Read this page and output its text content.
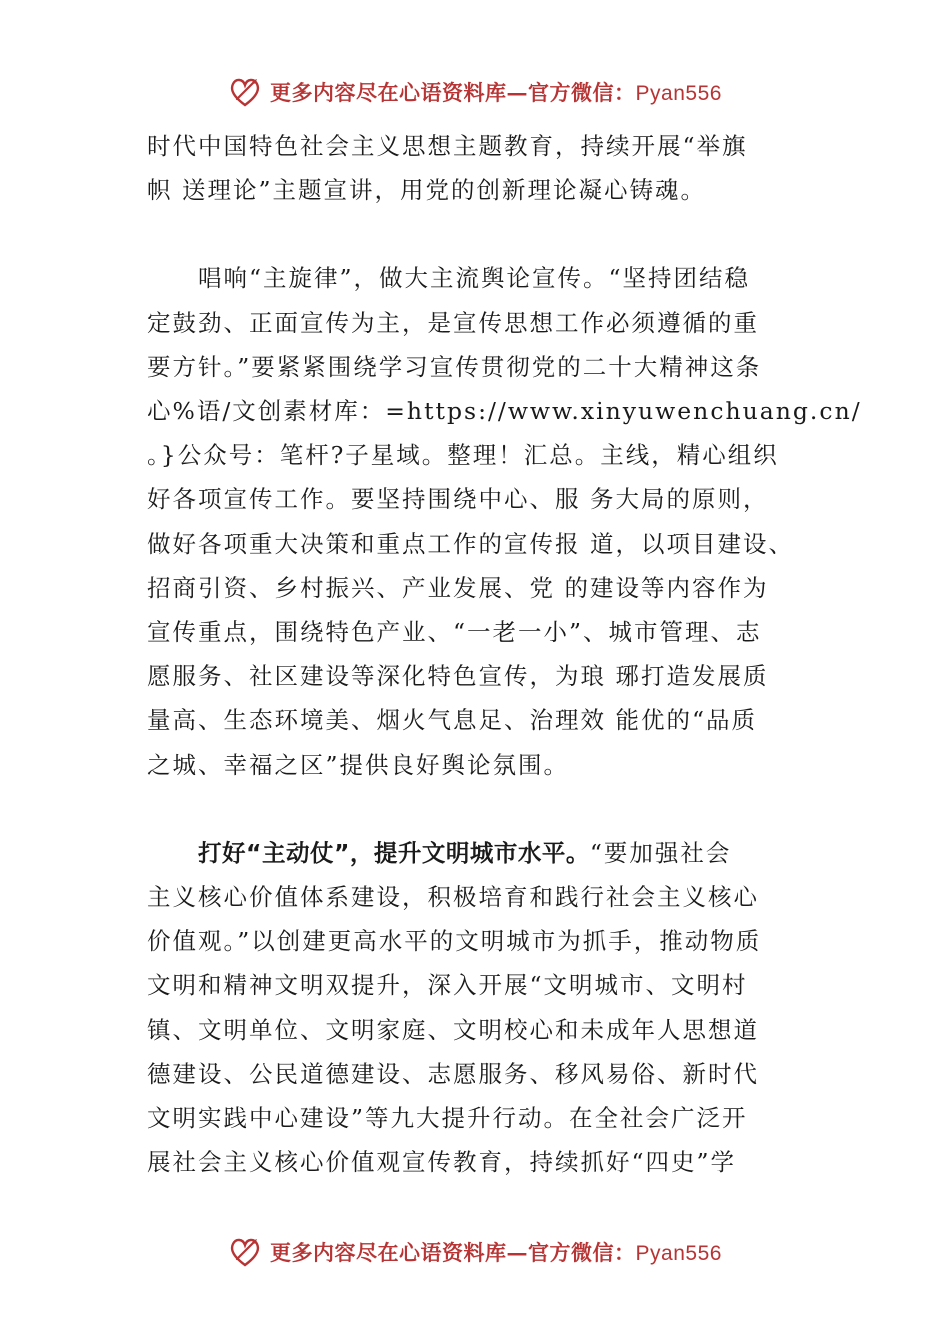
更多内容尽在心语资料库—官方微信：Pyan556

时代中国特色社会主义思想主题教育，持续开展“举旗
帜 送理论”主题宣讲，用党的创新理论凝心铸魂。

　　唱响“主旋律”，做大主流舆论宣传。“坚持团结稳
定鼓劲、正面宣传为主，是宣传思想工作必须遵循的重
要方针。”要紧紧围绕学习宣传贯彻党的二十大精神这条
心%语/文创素材库：=https://www.xinyuwenchuang.cn/
。}公众号：笔杆?子星域。整理！汇总。主线，精心组织
好各项宣传工作。要坚持围绕中心、服 务大局的原则，
做好各项重大决策和重点工作的宣传报 道，以项目建设、
招商引资、乡村振兴、产业发展、党 的建设等内容作为
宣传重点，围绕特色产业、“一老一小”、城市管理、志
愿服务、社区建设等深化特色宣传，为琅 琊打造发展质
量高、生态环境美、烟火气息足、治理效 能优的“品质
之城、幸福之区”提供良好舆论氛围。

　　打好“主动仗”，提升文明城市水平。“要加强社会
主义核心价值体系建设，积极培育和践行社会主义核心
价值观。”以创建更高水平的文明城市为抓手，推动物质
文明和精神文明双提升，深入开展“文明城市、文明村
镇、文明单位、文明家庭、文明校心和未成年人思想道
德建设、公民道德建设、志愿服务、移风易俗、新时代
文明实践中心建设”等九大提升行动。在全社会广泛开
展社会主义核心价值观宣传教育，持续抓好“四史”学

更多内容尽在心语资料库—官方微信：Pyan556
